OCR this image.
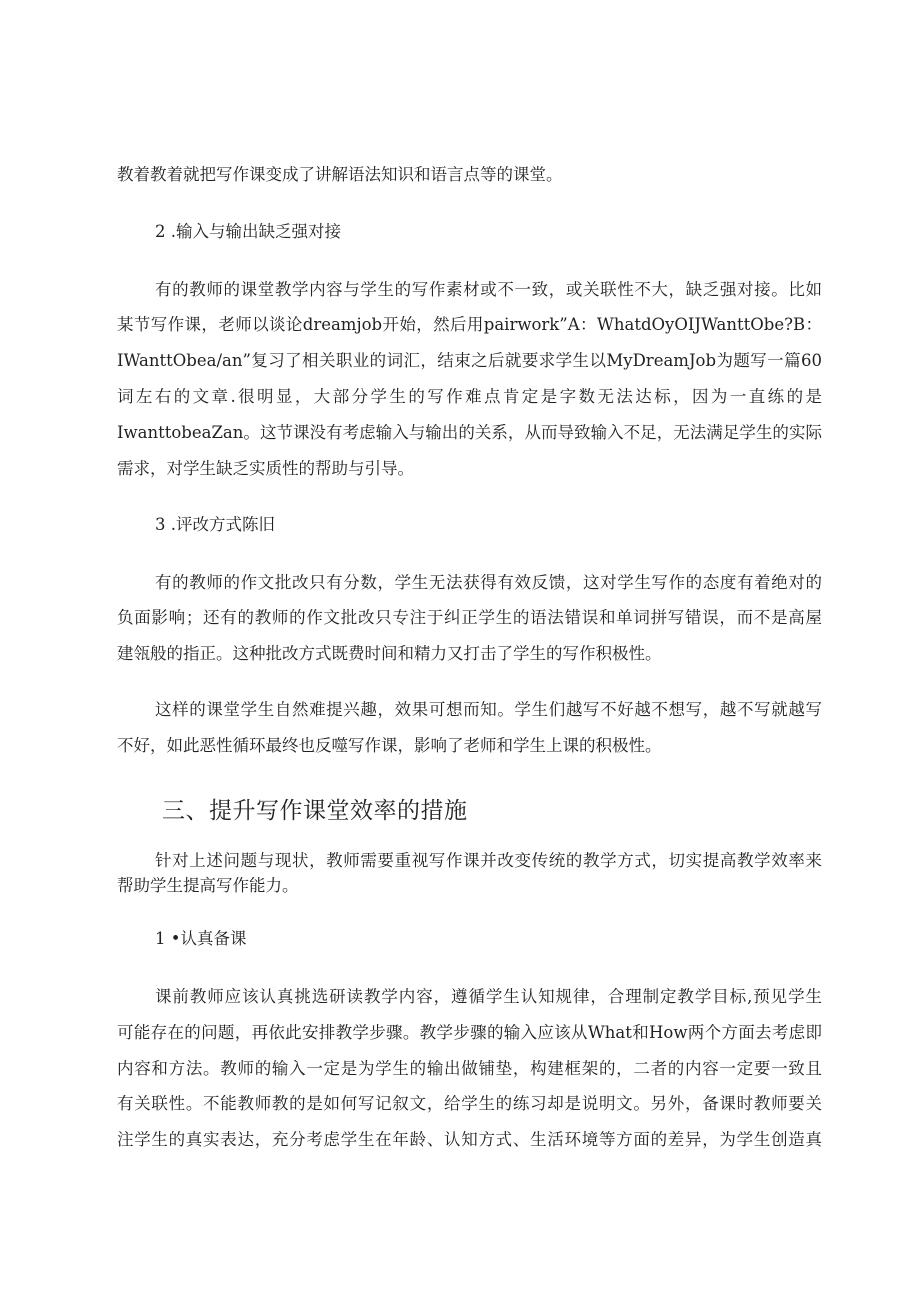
教着教着就把写作课变成了讲解语法知识和语言点等的课堂。
2 .输入与输出缺乏强对接
有的教师的课堂教学内容与学生的写作素材或不一致，或关联性不大，缺乏强对接。比如
某节写作课，老师以谈论dreamjob开始，然后用pairwork”A：WhatdOyOIJWanttObe?B：
IWanttObea/an”复习了相关职业的词汇，结束之后就要求学生以MyDreamJob为题写一篇60
词左右的文章.很明显，大部分学生的写作难点肯定是字数无法达标，因为一直练的是
IwanttobeaZan。这节课没有考虑输入与输出的关系，从而导致输入不足，无法满足学生的实际
需求，对学生缺乏实质性的帮助与引导。
3 .评改方式陈旧
有的教师的作文批改只有分数，学生无法获得有效反馈，这对学生写作的态度有着绝对的
负面影响；还有的教师的作文批改只专注于纠正学生的语法错误和单词拼写错误，而不是高屋
建瓴般的指正。这种批改方式既费时间和精力又打击了学生的写作积极性。
这样的课堂学生自然难提兴趣，效果可想而知。学生们越写不好越不想写，越不写就越写
不好，如此恶性循环最终也反噬写作课，影响了老师和学生上课的积极性。
三、提升写作课堂效率的措施
针对上述问题与现状，教师需要重视写作课并改变传统的教学方式，切实提高教学效率来
帮助学生提高写作能力。
1 •认真备课
课前教师应该认真挑选研读教学内容，遵循学生认知规律，合理制定教学目标,预见学生
可能存在的问题，再依此安排教学步骤。教学步骤的输入应该从What和How两个方面去考虑即
内容和方法。教师的输入一定是为学生的输出做铺垫，构建框架的，二者的内容一定要一致且
有关联性。不能教师教的是如何写记叙文，给学生的练习却是说明文。另外，备课时教师要关
注学生的真实表达，充分考虑学生在年龄、认知方式、生活环境等方面的差异，为学生创造真
